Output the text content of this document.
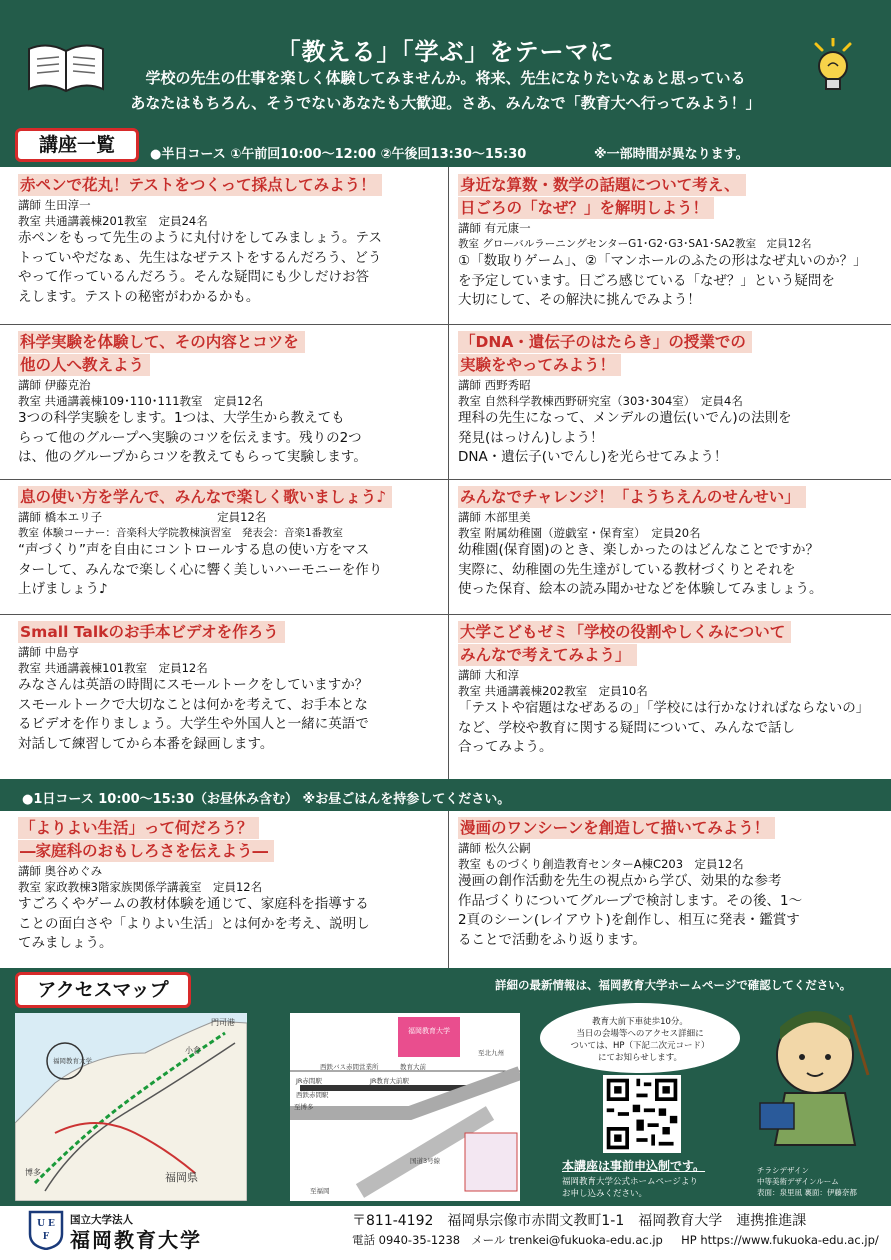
「教える」「学ぶ」をテーマに
学校の先生の仕事を楽しく体験してみませんか。将来、先生になりたいなぁと思っている
あなたはもちろん、そうでないあなたも大歓迎。さあ、みんなで「教育大へ行ってみよう！」
講座一覧	●半日コース ①午前回10:00～12:00 ②午後回13:30～15:30	※一部時間が異なります。
赤ペンで花丸！テストをつくって採点してみよう！
講師 生田淳一
教室 共通講義棟201教室　定員24名
赤ペンをもって先生のように丸付けをしてみましょう。テス
トっていやだなぁ、先生はなぜテストをするんだろう、どう
やって作っているんだろう。そんな疑問にも少しだけお答
えします。テストの秘密がわかるかも。
身近な算数・数学の話題について考え、
日ごろの「なぜ？」を解明しよう！
講師 有元康一
教室 グローバルラーニングセンターG1･G2･G3･SA1･SA2教室　定員12名
①「数取りゲーム」、②「マンホールのふたの形はなぜ丸いのか？」
を予定しています。日ごろ感じている「なぜ？」という疑問を
大切にして、その解決に挑んでみよう！
科学実験を体験して、その内容とコツを
他の人へ教えよう
講師 伊藤克治
教室 共通講義棟109･110･111教室　定員12名
3つの科学実験をします。1つは、大学生から教えても
らって他のグループへ実験のコツを伝えます。残りの2つ
は、他のグループからコツを教えてもらって実験します。
「DNA・遺伝子のはたらき」の授業での
実験をやってみよう！
講師 西野秀昭
教室 自然科学教棟西野研究室（303･304室）　定員4名
理科の先生になって、メンデルの遺伝(いでん)の法則を
発見(はっけん)しよう！
DNA・遺伝子(いでんし)を光らせてみよう！
息の使い方を学んで、みんなで楽しく歌いましょう♪
講師 橋本エリ子　　　　　　　　　　定員12名
教室 体験コーナー：音楽科大学院教棟演習室　発表会：音楽1番教室
“声づくり”声を自由にコントロールする息の使い方をマス
ターして、みんなで楽しく心に響く美しいハーモニーを作り
上げましょう♪
みんなでチャレンジ！「ようちえんのせんせい」
講師 木部里美
教室 附属幼稚園（遊戯室・保育室）　定員20名
幼稚園(保育園)のとき、楽しかったのはどんなことですか？
実際に、幼稚園の先生達がしている教材づくりとそれを
使った保育、絵本の読み聞かせなどを体験してみましょう。
Small Talkのお手本ビデオを作ろう
講師 中島亨
教室 共通講義棟101教室　定員12名
みなさんは英語の時間にスモールトークをしていますか？
スモールトークで大切なことは何かを考えて、お手本とな
るビデオを作りましょう。大学生や外国人と一緒に英語で
対話して練習してから本番を録画します。
大学こどもゼミ「学校の役割やしくみについて
みんなで考えてみよう」
講師 大和淳
教室 共通講義棟202教室　定員10名
「テストや宿題はなぜあるの」「学校には行かなければならないの」
など、学校や教育に関する疑問について、みんなで話し
合ってみよう。
●1日コース 10:00～15:30（お昼休み含む） ※お昼ごはんを持参してください。
「よりよい生活」って何だろう？
―家庭科のおもしろさを伝えよう―
講師 奥谷めぐみ
教室 家政教棟3階家族関係学講義室　定員12名
すごろくやゲームの教材体験を通じて、家庭科を指導する
ことの面白さや「よりよい生活」とは何かを考え、説明し
てみましょう。
漫画のワンシーンを創造して描いてみよう！
講師 松久公嗣
教室 ものづくり創造教育センターA棟C203　定員12名
漫画の創作活動を先生の視点から学び、効果的な参考
作品づくりについてグループで検討します。その後、1～
2頁のシーン(レイアウト)を創作し、相互に発表・鑑賞す
ることで活動をふり返ります。
アクセスマップ	詳細の最新情報は、福岡教育大学ホームページで確認してください。
福岡県
門司港
小倉
博多
福岡教育大学
福岡教育大学
西鉄バス赤間営業所	教育大前
JR赤間駅	JR教育大前駅
至博多
至北九州
至福岡
西鉄赤間駅
国道3号線
教育大前下車徒歩10分。
当日の会場等へのアクセス詳細に
ついては、HP（下記二次元コード）
にてお知らせします。
本講座は事前申込制です。
福岡教育大学公式ホームページより
お申し込みください。
チラシデザイン
中等美術デザインルーム
表面：泉里凪 裏面：伊藤奈都
U E
F
国立大学法人
福岡教育大学
〒811-4192　福岡県宗像市赤間文教町1-1　福岡教育大学　連携推進課
電話 0940-35-1238 メール trenkei@fukuoka-edu.ac.jp HP https://www.fukuoka-edu.ac.jp/
